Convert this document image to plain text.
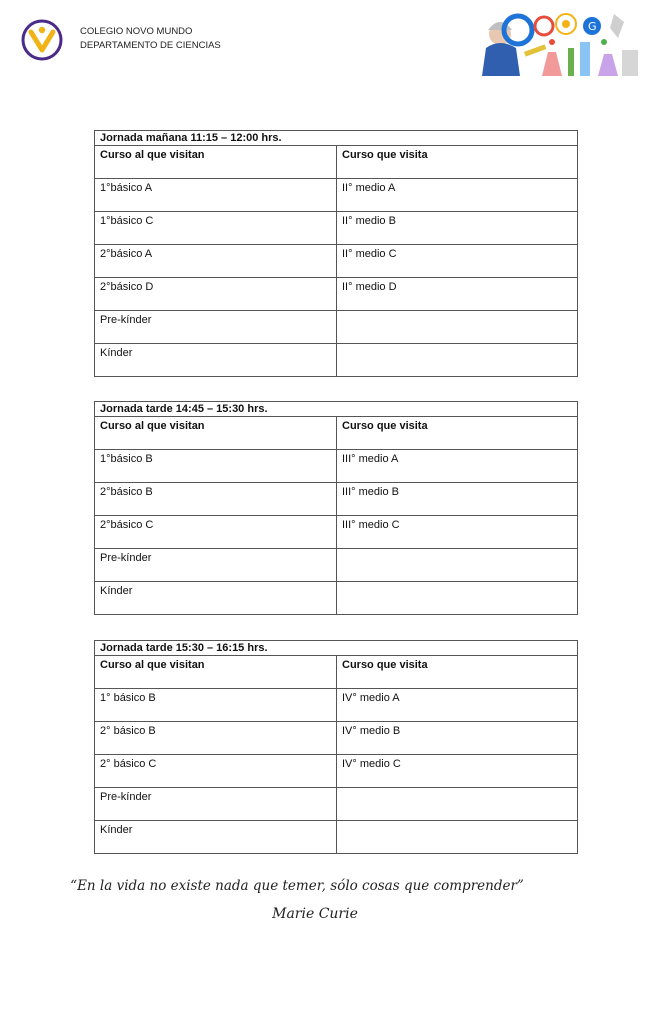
COLEGIO NOVO MUNDO
DEPARTAMENTO DE CIENCIAS
G
Jornada mañana 11:15 – 12:00 hrs.	
Curso al que visitan	Curso que visita
1°básico A	II° medio A
1°básico C	II° medio B
2°básico A	II° medio C
2°básico D	II° medio D
Pre-kínder	
Kínder	
Jornada tarde 14:45 – 15:30 hrs.	
Curso al que visitan	Curso que visita
1°básico B	III° medio A
2°básico B	III° medio B
2°básico C	III° medio C
Pre-kínder	
Kínder	
Jornada tarde 15:30 – 16:15 hrs.	
Curso al que visitan	Curso que visita
1° básico B	IV° medio A
2° básico B	IV° medio B
2° básico C	IV° medio C
Pre-kínder	
Kínder	
“En la vida no existe nada que temer, sólo cosas que comprender”
Marie Curie
